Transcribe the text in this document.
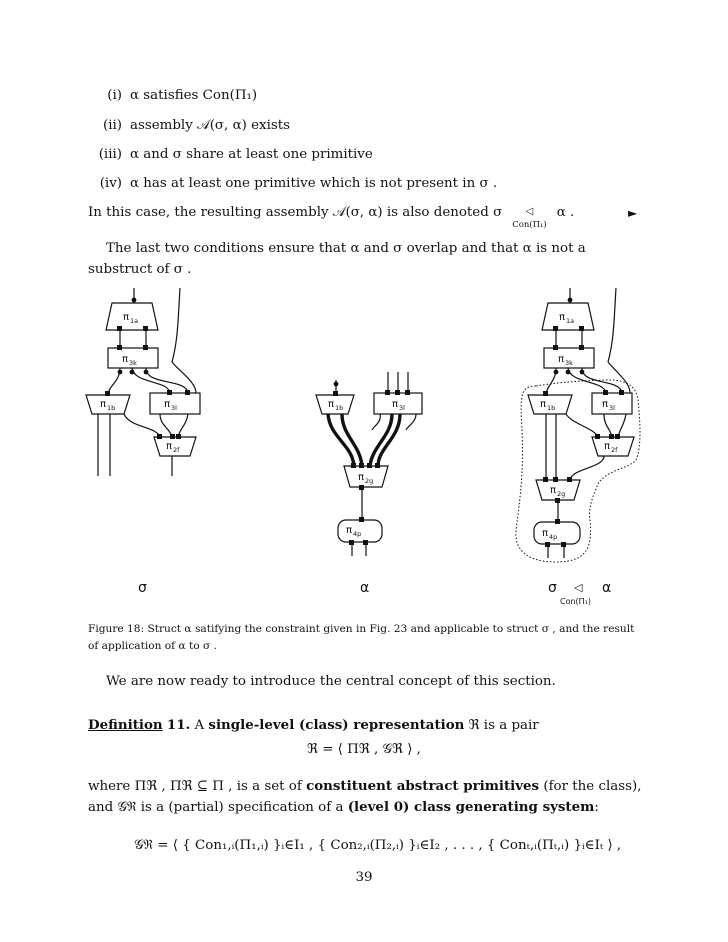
(i) α satisfies Con(Π₁)
(ii) assembly 𝒜(σ, α) exists
(iii) α and σ share at least one primitive
(iv) α has at least one primitive which is not present in σ .
In this case, the resulting assembly 𝒜(σ, α) is also denoted σ ◁
Con(Π₁)
α .	►
The last two conditions ensure that α and σ overlap and that α is not a substruct of σ .
π 1a
π 3k
π 1b	π 3l
π 2f
π 1b	π 3l
π 2g
π 4p
π 1a
π 3k
π 1b	π 3l
π 2f
π 2g
π 4p
σ	α	σ ◁ α
Con(Π₁)
Figure 18: Struct α satifying the constraint given in Fig. 23 and applicable to struct σ , and the result of application of α to σ .
We are now ready to introduce the central concept of this section.
Definition 11. A single-level (class) representation ℜ is a pair
ℜ = ⟨ Πℜ , 𝒢ℜ ⟩ ,
where Πℜ , Πℜ ⊆ Π , is a set of constituent abstract primitives (for the class), and 𝒢ℜ is a (partial) specification of a (level 0) class generating system:
𝒢ℜ = ⟨ { Con₁,ᵢ(Π₁,ᵢ) }ᵢ∈I₁ , { Con₂,ᵢ(Π₂,ᵢ) }ᵢ∈I₂ , . . . , { Conₜ,ᵢ(Πₜ,ᵢ) }ᵢ∈Iₜ ⟩ ,
39
